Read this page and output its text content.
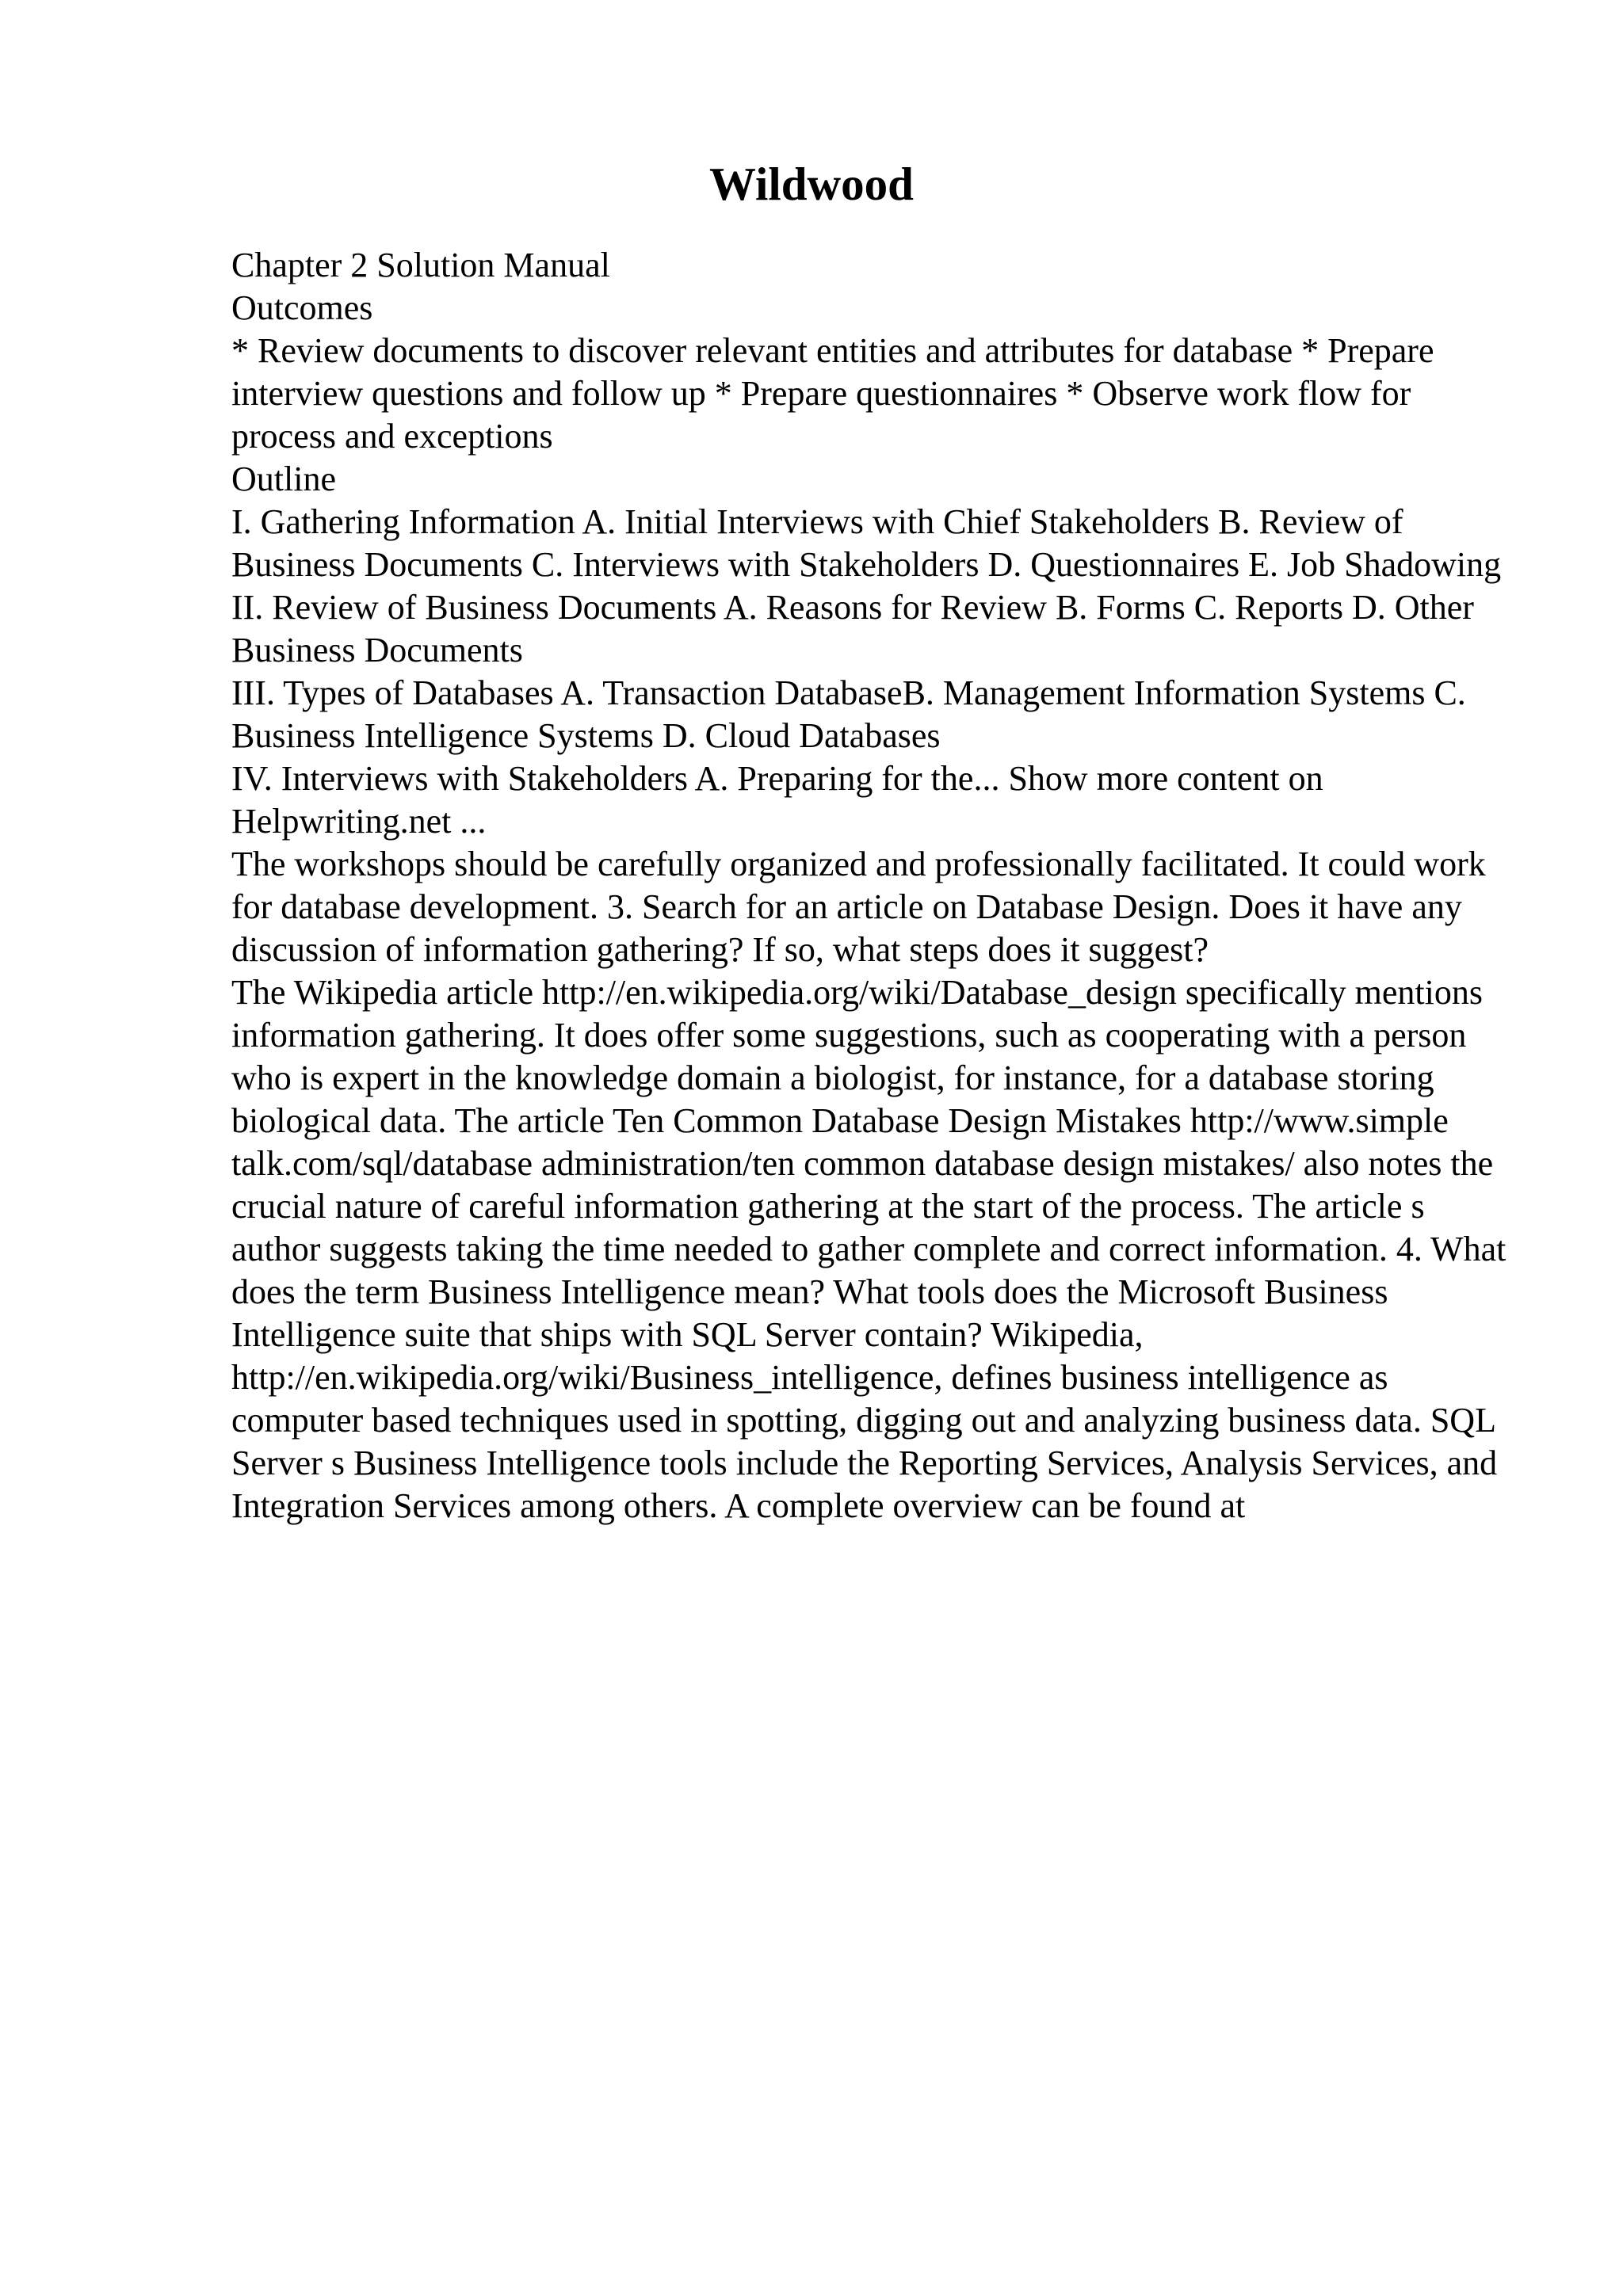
Wildwood

Chapter 2 Solution Manual

Outcomes

* Review documents to discover relevant entities and attributes for database * Prepare interview questions and follow up * Prepare questionnaires * Observe work flow for process and exceptions

Outline

I. Gathering Information A. Initial Interviews with Chief Stakeholders B. Review of Business Documents C. Interviews with Stakeholders D. Questionnaires E. Job Shadowing

II. Review of Business Documents A. Reasons for Review B. Forms C. Reports D. Other Business Documents

III. Types of Databases A. Transaction DatabaseB. Management Information Systems C. Business Intelligence Systems D. Cloud Databases

IV. Interviews with Stakeholders A. Preparing for the... Show more content on Helpwriting.net ...

The workshops should be carefully organized and professionally facilitated. It could work for database development. 3. Search for an article on Database Design. Does it have any discussion of information gathering? If so, what steps does it suggest?

The Wikipedia article http://en.wikipedia.org/wiki/Database_design specifically mentions information gathering. It does offer some suggestions, such as cooperating with a person who is expert in the knowledge domain a biologist, for instance, for a database storing biological data. The article Ten Common Database Design Mistakes http://www.simple talk.com/sql/database administration/ten common database design mistakes/ also notes the crucial nature of careful information gathering at the start of the process. The article s author suggests taking the time needed to gather complete and correct information. 4. What does the term Business Intelligence mean? What tools does the Microsoft Business Intelligence suite that ships with SQL Server contain? Wikipedia, http://en.wikipedia.org/wiki/Business_intelligence, defines business intelligence as computer based techniques used in spotting, digging out and analyzing business data. SQL Server s Business Intelligence tools include the Reporting Services, Analysis Services, and Integration Services among others. A complete overview can be found at
